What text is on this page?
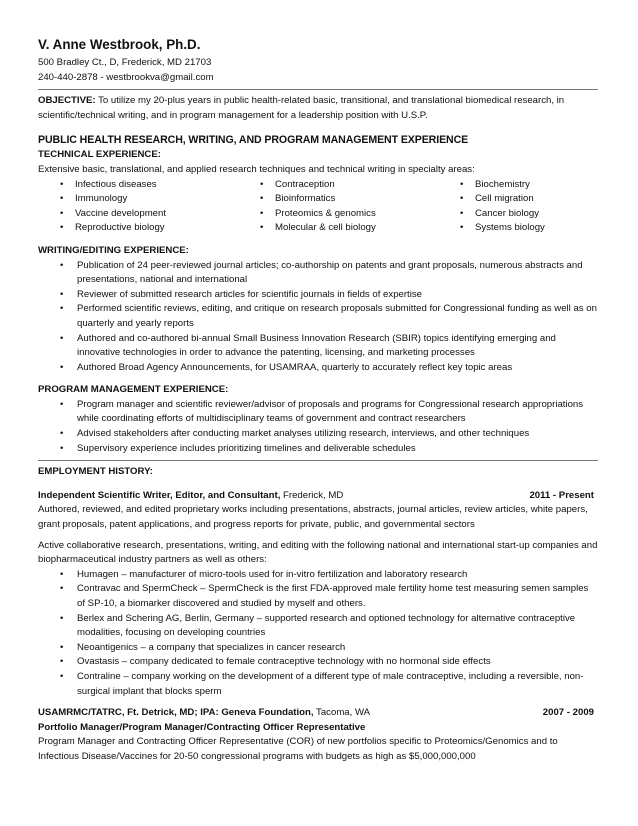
V. Anne Westbrook, Ph.D.
500 Bradley Ct., D, Frederick, MD 21703
240-440-2878 - westbrookva@gmail.com

OBJECTIVE: To utilize my 20-plus years in public health-related basic, transitional, and translational biomedical research, in scientific/technical writing, and in program management for a leadership position with U.S.P.

PUBLIC HEALTH RESEARCH, WRITING, AND PROGRAM MANAGEMENT EXPERIENCE
TECHNICAL EXPERIENCE:
Extensive basic, translational, and applied research techniques and technical writing in specialty areas:
•	Infectious diseases	•	Contraception	•	Biochemistry
•	Immunology	•	Bioinformatics	•	Cell migration
•	Vaccine development	•	Proteomics & genomics	•	Cancer biology
•	Reproductive biology	•	Molecular & cell biology	•	Systems biology
WRITING/EDITING EXPERIENCE:
•	Publication of 24 peer-reviewed journal articles; co-authorship on patents and grant proposals, numerous abstracts and presentations, national and international
•	Reviewer of submitted research articles for scientific journals in fields of expertise
•	Performed scientific reviews, editing, and critique on research proposals submitted for Congressional funding as well as on quarterly and yearly reports
•	Authored and co-authored bi-annual Small Business Innovation Research (SBIR) topics identifying emerging and innovative technologies in order to advance the patenting, licensing, and marketing processes
•	Authored Broad Agency Announcements, for USAMRAA, quarterly to accurately reflect key topic areas
PROGRAM MANAGEMENT EXPERIENCE:
•	Program manager and scientific reviewer/advisor of proposals and programs for Congressional research appropriations while coordinating efforts of multidisciplinary teams of government and contract researchers
•	Advised stakeholders after conducting market analyses utilizing research, interviews, and other techniques
•	Supervisory experience includes prioritizing timelines and deliverable schedules
EMPLOYMENT HISTORY:
Independent Scientific Writer, Editor, and Consultant, Frederick, MD	2011 - Present
Authored, reviewed, and edited proprietary works including presentations, abstracts, journal articles, review articles, white papers, grant proposals, patent applications, and progress reports for private, public, and governmental sectors
Active collaborative research, presentations, writing, and editing with the following national and international start-up companies and biopharmaceutical industry partners as well as others:
•	Humagen – manufacturer of micro-tools used for in-vitro fertilization and laboratory research
•	Contravac and SpermCheck – SpermCheck is the first FDA-approved male fertility home test measuring semen samples of SP-10, a biomarker discovered and studied by myself and others.
•	Berlex and Schering AG, Berlin, Germany – supported research and optioned technology for alternative contraceptive modalities, focusing on developing countries
•	Neoantigenics – a company that specializes in cancer research
•	Ovastasis – company dedicated to female contraceptive technology with no hormonal side effects
•	Contraline – company working on the development of a different type of male contraceptive, including a reversible, non-surgical implant that blocks sperm
USAMRMC/TATRC, Ft. Detrick, MD; IPA: Geneva Foundation, Tacoma, WA	2007 - 2009
Portfolio Manager/Program Manager/Contracting Officer Representative
Program Manager and Contracting Officer Representative (COR) of new portfolios specific to Proteomics/Genomics and to Infectious Disease/Vaccines for 20-50 congressional programs with budgets as high as $5,000,000,000
